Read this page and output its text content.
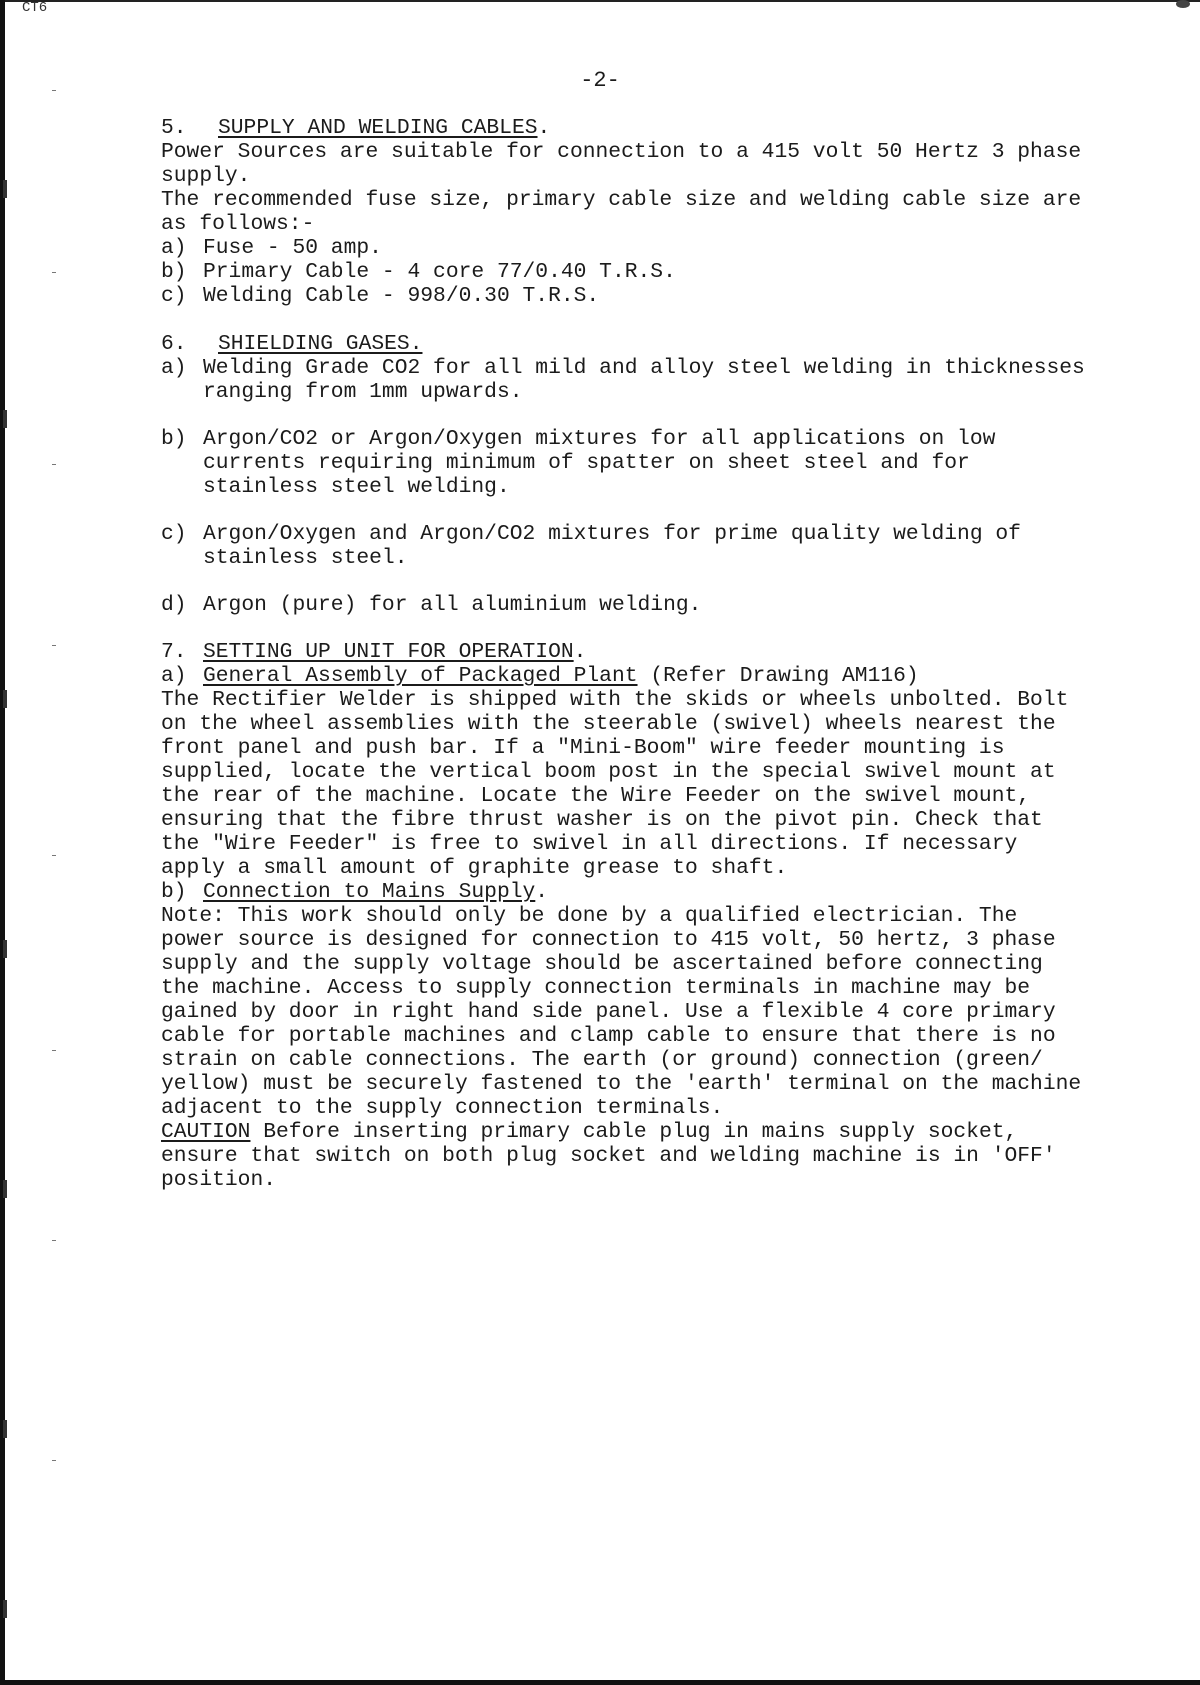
CT6
-2-

5. SUPPLY AND WELDING CABLES.

Power Sources are suitable for connection to a 415 volt 50 Hertz 3 phase supply.

The recommended fuse size, primary cable size and welding cable size are as follows:-

a) Fuse - 50 amp.
b) Primary Cable - 4 core 77/0.40 T.R.S.
c) Welding Cable - 998/0.30 T.R.S.

6. SHIELDING GASES.

a) Welding Grade CO2 for all mild and alloy steel welding in thicknesses ranging from 1mm upwards.
b) Argon/CO2 or Argon/Oxygen mixtures for all applications on low currents requiring minimum of spatter on sheet steel and for stainless steel welding.
c) Argon/Oxygen and Argon/CO2 mixtures for prime quality welding of stainless steel.
d) Argon (pure) for all aluminium welding.

7. SETTING UP UNIT FOR OPERATION.

a) General Assembly of Packaged Plant (Refer Drawing AM116)

The Rectifier Welder is shipped with the skids or wheels unbolted. Bolt on the wheel assemblies with the steerable (swivel) wheels nearest the front panel and push bar. If a "Mini-Boom" wire feeder mounting is supplied, locate the vertical boom post in the special swivel mount at the rear of the machine. Locate the Wire Feeder on the swivel mount, ensuring that the fibre thrust washer is on the pivot pin. Check that the "Wire Feeder" is free to swivel in all directions. If necessary apply a small amount of graphite grease to shaft.

b) Connection to Mains Supply.

Note: This work should only be done by a qualified electrician. The power source is designed for connection to 415 volt, 50 hertz, 3 phase supply and the supply voltage should be ascertained before connecting the machine. Access to supply connection terminals in machine may be gained by door in right hand side panel. Use a flexible 4 core primary cable for portable machines and clamp cable to ensure that there is no strain on cable connections. The earth (or ground) connection (green/ yellow) must be securely fastened to the 'earth' terminal on the machine adjacent to the supply connection terminals.

CAUTION Before inserting primary cable plug in mains supply socket, ensure that switch on both plug socket and welding machine is in 'OFF' position.
